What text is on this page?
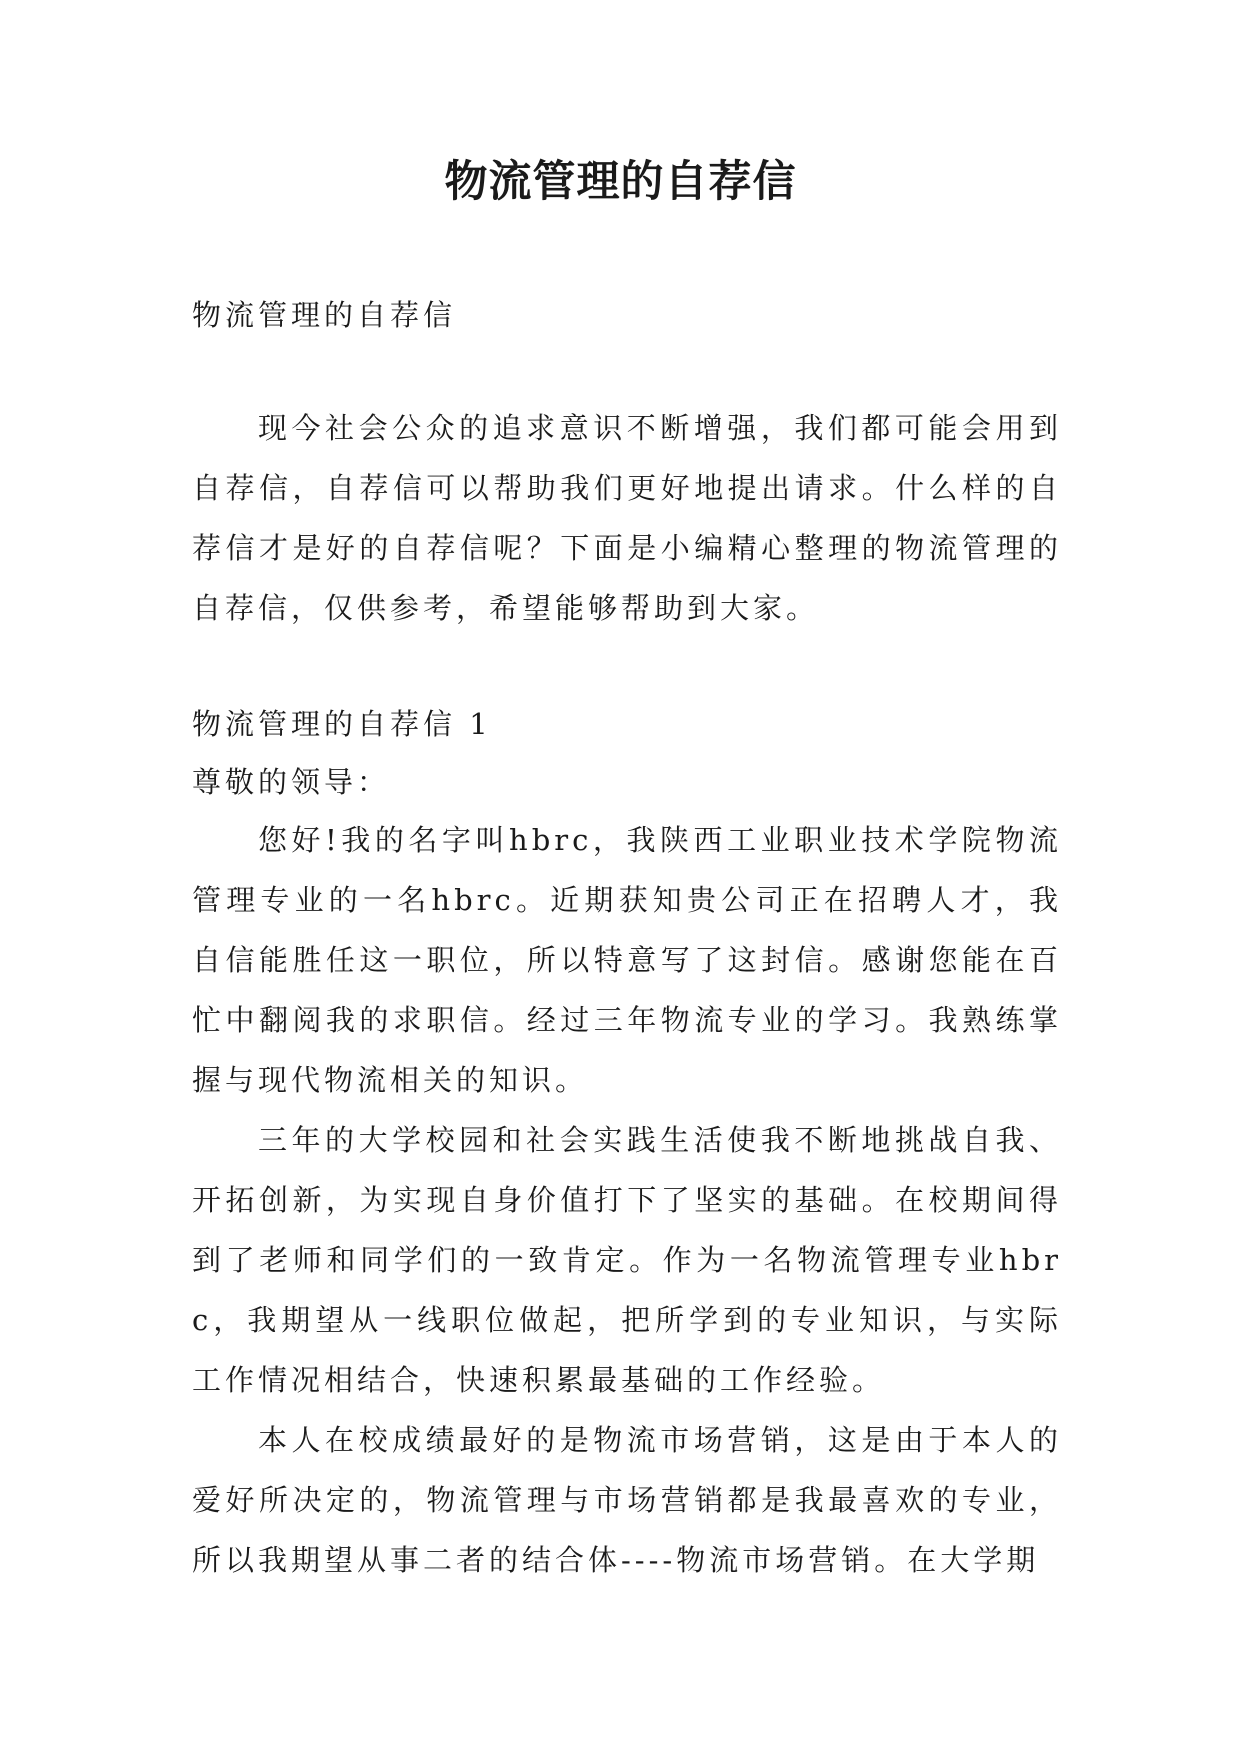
物流管理的自荐信
物流管理的自荐信

现今社会公众的追求意识不断增强，我们都可能会用到自荐信，自荐信可以帮助我们更好地提出请求。什么样的自荐信才是好的自荐信呢？下面是小编精心整理的物流管理的自荐信，仅供参考，希望能够帮助到大家。

物流管理的自荐信 1
尊敬的领导：

您好!我的名字叫hbrc，我陕西工业职业技术学院物流管理专业的一名hbrc。近期获知贵公司正在招聘人才，我自信能胜任这一职位，所以特意写了这封信。感谢您能在百忙中翻阅我的求职信。经过三年物流专业的学习。我熟练掌握与现代物流相关的知识。

三年的大学校园和社会实践生活使我不断地挑战自我、开拓创新，为实现自身价值打下了坚实的基础。在校期间得到了老师和同学们的一致肯定。作为一名物流管理专业hbrc，我期望从一线职位做起，把所学到的专业知识，与实际工作情况相结合，快速积累最基础的工作经验。

本人在校成绩最好的是物流市场营销，这是由于本人的爱好所决定的，物流管理与市场营销都是我最喜欢的专业，所以我期望从事二者的结合体----物流市场营销。在大学期
